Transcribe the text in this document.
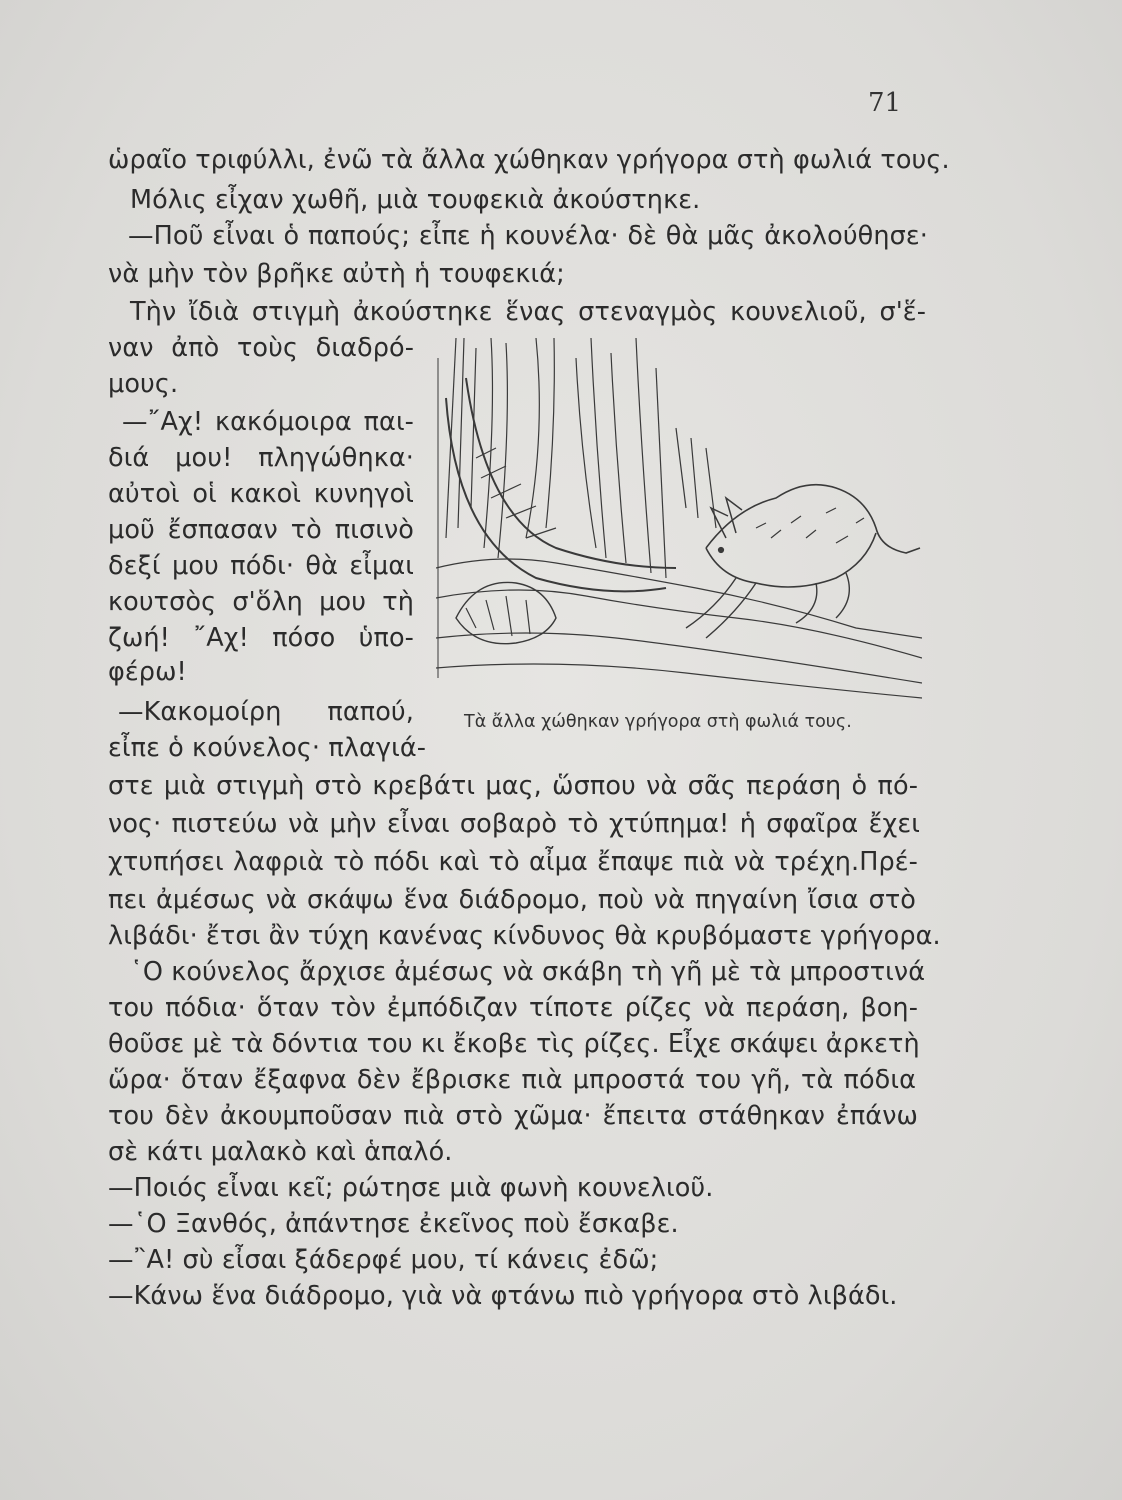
71
ὡραῖο τριφύλλι, ἐνῶ τὰ ἄλλα χώθηκαν γρήγορα στὴ φωλιά τους.
Μόλις εἶχαν χωθῆ, μιὰ τουφεκιὰ ἀκούστηκε.
—Ποῦ εἶναι ὁ παπούς; εἶπε ἡ κουνέλα· δὲ θὰ μᾶς ἀκολούθησε·
νὰ μὴν τὸν βρῆκε αὐτὴ ἡ τουφεκιά;
Τὴν ἴδιὰ στιγμὴ ἀκούστηκε ἕνας στεναγμὸς κουνελιοῦ, σ'ἕ-
ναν ἀπὸ τοὺς διαδρό-
μους.
—῎Αχ! κακόμοιρα παι-
διά μου! πληγώθηκα·
αὐτοὶ οἱ κακοὶ κυνηγοὶ
μοῦ ἔσπασαν τὸ πισινὸ
δεξί μου πόδι· θὰ εἶμαι
κουτσὸς σ'ὅλη μου τὴ
ζωή! ῎Αχ! πόσο ὑπο-
φέρω!
—Κακομοίρη παπού,
εἶπε ὁ κούνελος· πλαγιά-
στε μιὰ στιγμὴ στὸ κρεβάτι μας, ὥσπου νὰ σᾶς περάση ὁ πό-
νος· πιστεύω νὰ μὴν εἶναι σοβαρὸ τὸ χτύπημα! ἡ σφαῖρα ἔχει
χτυπήσει λαφριὰ τὸ πόδι καὶ τὸ αἶμα ἔπαψε πιὰ νὰ τρέχη.Πρέ-
πει ἀμέσως νὰ σκάψω ἕνα διάδρομο, ποὺ νὰ πηγαίνη ἴσια στὸ
λιβάδι· ἔτσι ἂν τύχη κανένας κίνδυνος θὰ κρυβόμαστε γρήγορα.
῾Ο κούνελος ἄρχισε ἀμέσως νὰ σκάβη τὴ γῆ μὲ τὰ μπροστινά
του πόδια· ὅταν τὸν ἐμπόδιζαν τίποτε ρίζες νὰ περάση, βοη-
θοῦσε μὲ τὰ δόντια του κι ἔκοβε τὶς ρίζες. Εἶχε σκάψει ἀρκετὴ
ὥρα· ὅταν ἔξαφνα δὲν ἔβρισκε πιὰ μπροστά του γῆ, τὰ πόδια
του δὲν ἀκουμποῦσαν πιὰ στὸ χῶμα· ἔπειτα στάθηκαν ἐπάνω
σὲ κάτι μαλακὸ καὶ ἁπαλό.
—Ποιός εἶναι κεῖ; ρώτησε μιὰ φωνὴ κουνελιοῦ.
—῾Ο Ξανθός, ἀπάντησε ἐκεῖνος ποὺ ἔσκαβε.
—῍Α! σὺ εἶσαι ξάδερφέ μου, τί κάνεις ἐδῶ;
—Κάνω ἕνα διάδρομο, γιὰ νὰ φτάνω πιὸ γρήγορα στὸ λιβάδι.
Τὰ ἄλλα χώθηκαν γρήγορα στὴ φωλιά τους.
